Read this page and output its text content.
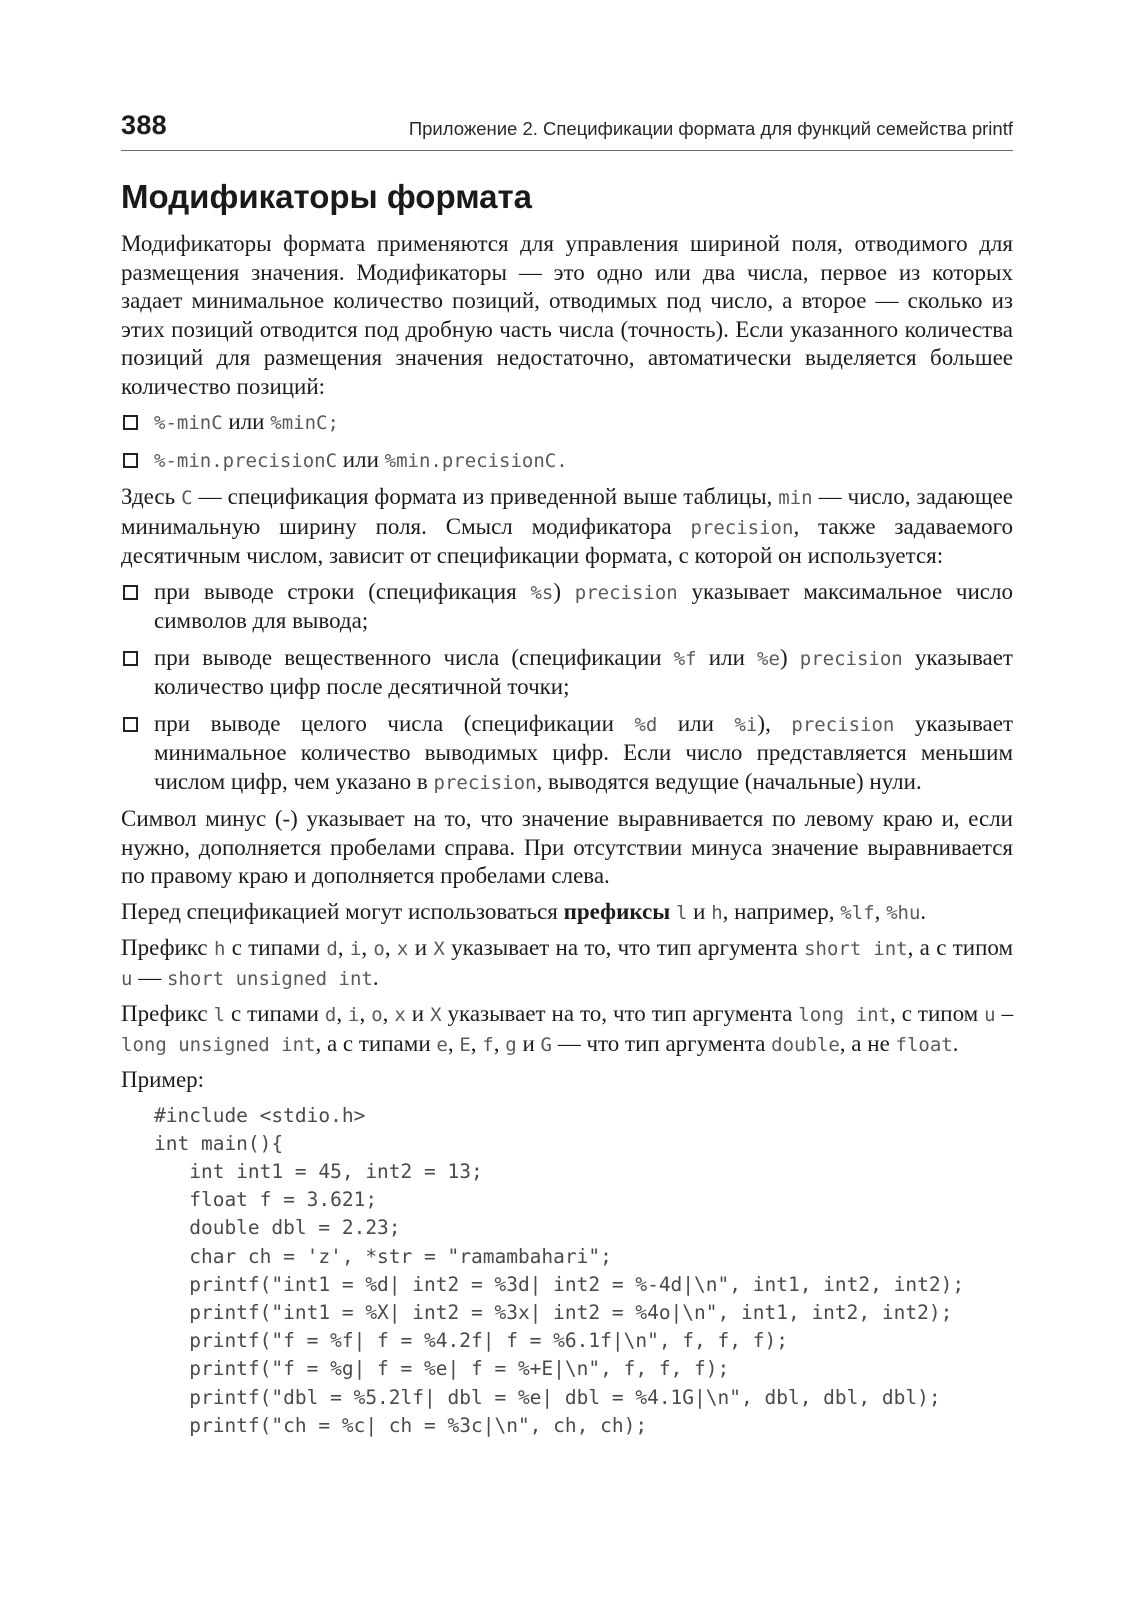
388	Приложение 2. Спецификации формата для функций семейства printf
Модификаторы формата

Модификаторы формата применяются для управления шириной поля, отводимого для размещения значения. Модификаторы — это одно или два числа, первое из которых задает минимальное количество позиций, отводимых под число, а второе — сколько из этих позиций отводится под дробную часть числа (точность). Если указанного количества позиций для размещения значения недостаточно, автоматически выделяется большее количество позиций:

%-minC или %minC;
%-min.precisionC или %min.precisionC.

Здесь C — спецификация формата из приведенной выше таблицы, min — число, задающее минимальную ширину поля. Смысл модификатора precision, также задаваемого десятичным числом, зависит от спецификации формата, с которой он используется:

при выводе строки (спецификация %s) precision указывает максимальное число символов для вывода;
при выводе вещественного числа (спецификации %f или %e) precision указывает количество цифр после десятичной точки;
при выводе целого числа (спецификации %d или %i), precision указывает минимальное количество выводимых цифр. Если число представляется меньшим числом цифр, чем указано в precision, выводятся ведущие (начальные) нули.

Символ минус (-) указывает на то, что значение выравнивается по левому краю и, если нужно, дополняется пробелами справа. При отсутствии минуса значение выравнивается по правому краю и дополняется пробелами слева.

Перед спецификацией могут использоваться префиксы l и h, например, %lf, %hu.

Префикс h с типами d, i, o, x и X указывает на то, что тип аргумента short int, а с типом u — short unsigned int.

Префикс l с типами d, i, o, x и X указывает на то, что тип аргумента long int, с типом u – long unsigned int, а с типами e, E, f, g и G — что тип аргумента double, а не float.

Пример:

#include <stdio.h>
int main(){
int int1 = 45, int2 = 13;
float f = 3.621;
double dbl = 2.23;
char ch = 'z', *str = "ramambahari";
printf("int1 = %d| int2 = %3d| int2 = %-4d|\n", int1, int2, int2);
printf("int1 = %X| int2 = %3x| int2 = %4o|\n", int1, int2, int2);
printf("f = %f| f = %4.2f| f = %6.1f|\n", f, f, f);
printf("f = %g| f = %e| f = %+E|\n", f, f, f);
printf("dbl = %5.2lf| dbl = %e| dbl = %4.1G|\n", dbl, dbl, dbl);
printf("ch = %c| ch = %3c|\n", ch, ch);
